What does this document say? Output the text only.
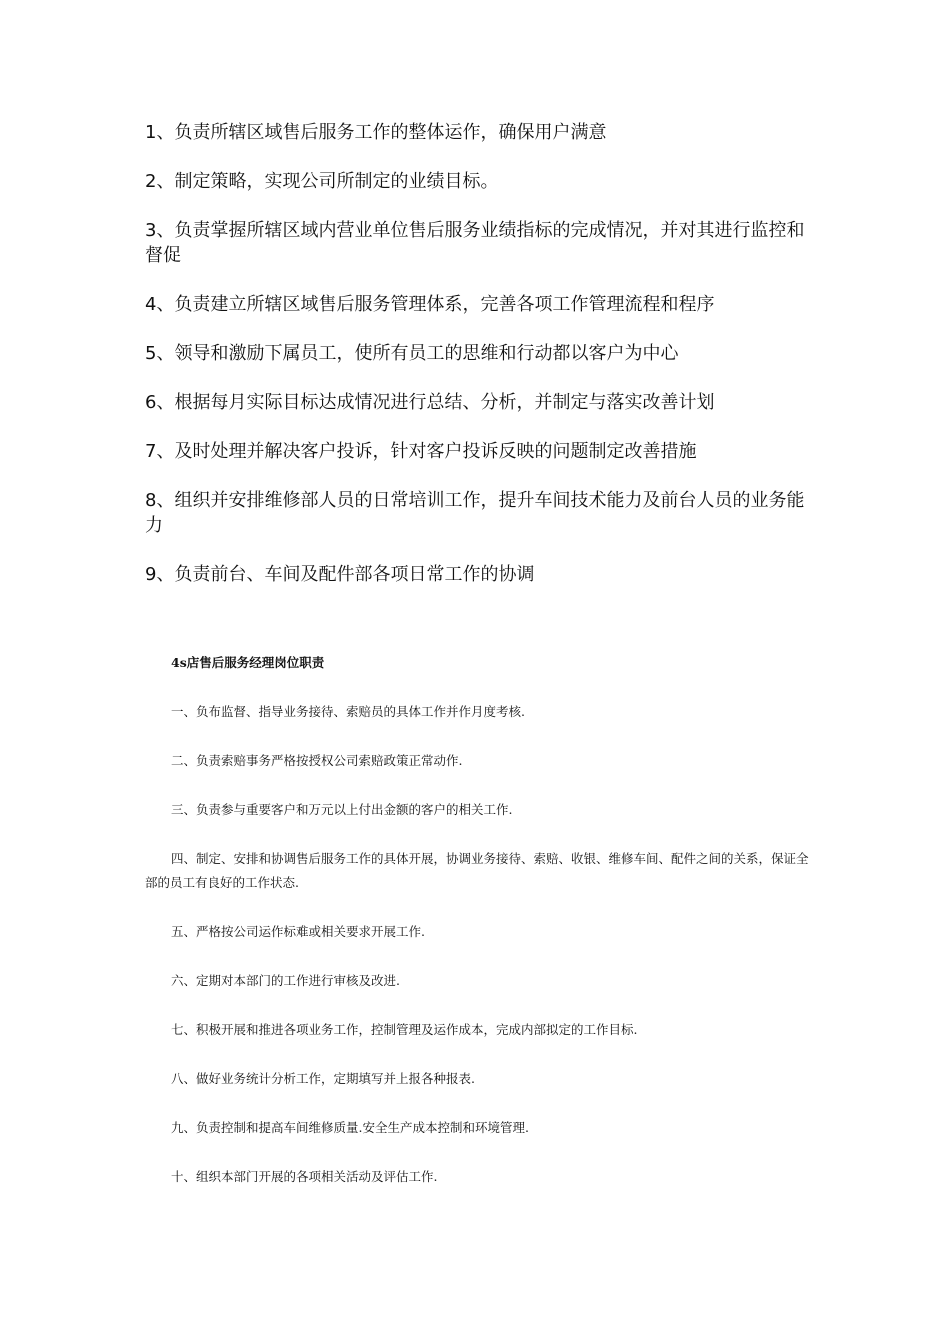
1、负责所辖区域售后服务工作的整体运作，确保用户满意
2、制定策略，实现公司所制定的业绩目标。
3、负责掌握所辖区域内营业单位售后服务业绩指标的完成情况，并对其进行监控和督促
4、负责建立所辖区域售后服务管理体系，完善各项工作管理流程和程序
5、领导和激励下属员工，使所有员工的思维和行动都以客户为中心
6、根据每月实际目标达成情况进行总结、分析，并制定与落实改善计划
7、及时处理并解决客户投诉，针对客户投诉反映的问题制定改善措施
8、组织并安排维修部人员的日常培训工作，提升车间技术能力及前台人员的业务能力
9、负责前台、车间及配件部各项日常工作的协调
4s店售后服务经理岗位职责
一、负布监督、指导业务接待、索赔员的具体工作并作月度考核.
二、负责索赔事务严格按授权公司索赔政策正常动作.
三、负责参与重要客户和万元以上付出金额的客户的相关工作.
四、制定、安排和协调售后服务工作的具体开展，协调业务接待、索赔、收银、维修车间、配件之间的关系，保证全部的员工有良好的工作状态.
五、严格按公司运作标难或相关要求开展工作.
六、定期对本部门的工作进行审核及改进.
七、积极开展和推进各项业务工作，控制管理及运作成本，完成内部拟定的工作目标.
八、做好业务统计分析工作，定期填写并上报各种报表.
九、负责控制和提高车间维修质量.安全生产成本控制和环境管理.
十、组织本部门开展的各项相关活动及评估工作.
